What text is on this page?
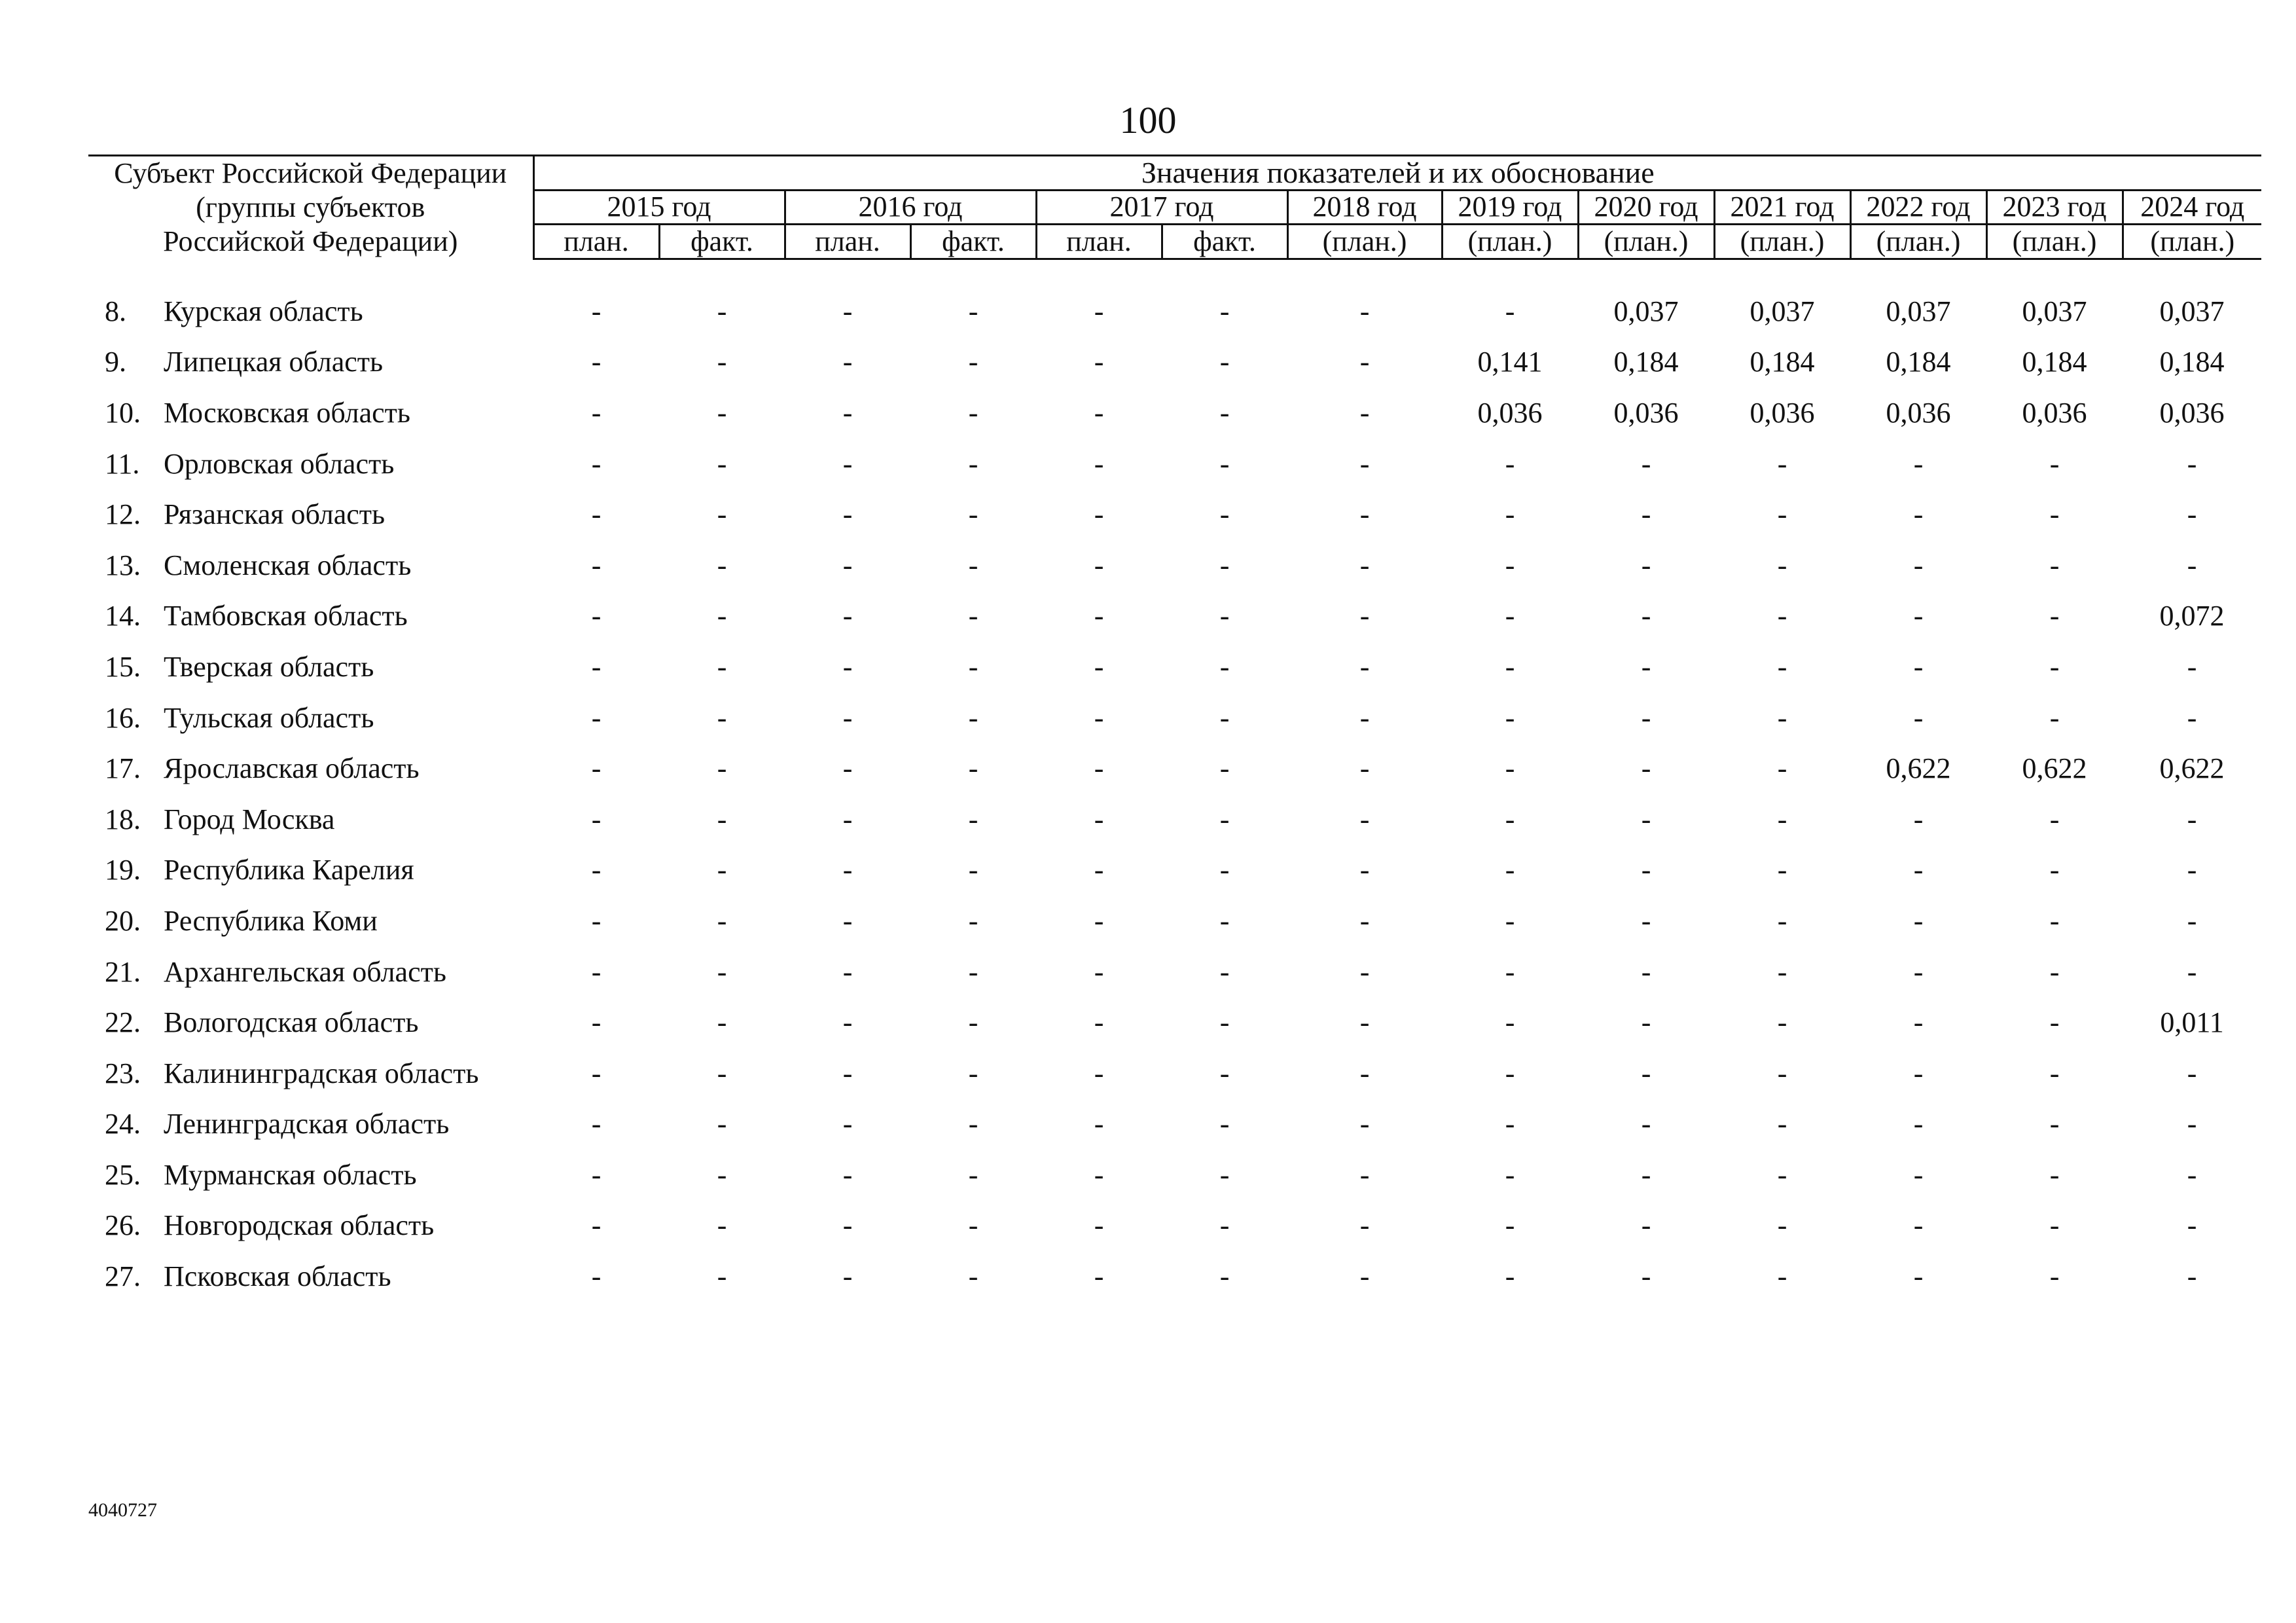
100
Субъект Российской Федерации
(группы субъектов
Российской Федерации)		Значения показателей и их обоснование												
		2015 год		2016 год		2017 год		2018 год	2019 год	2020 год	2021 год	2022 год	2023 год	2024 год
		план.	факт.	план.	факт.	план.	факт.	(план.)	(план.)	(план.)	(план.)	(план.)	(план.)	(план.)

8.	Курская область	-	-	-	-	-	-	-	-	0,037	0,037	0,037	0,037	0,037
9.	Липецкая область	-	-	-	-	-	-	-	0,141	0,184	0,184	0,184	0,184	0,184
10.	Московская область	-	-	-	-	-	-	-	0,036	0,036	0,036	0,036	0,036	0,036
11.	Орловская область	-	-	-	-	-	-	-	-	-	-	-	-	-
12.	Рязанская область	-	-	-	-	-	-	-	-	-	-	-	-	-
13.	Смоленская область	-	-	-	-	-	-	-	-	-	-	-	-	-
14.	Тамбовская область	-	-	-	-	-	-	-	-	-	-	-	-	0,072
15.	Тверская область	-	-	-	-	-	-	-	-	-	-	-	-	-
16.	Тульская область	-	-	-	-	-	-	-	-	-	-	-	-	-
17.	Ярославская область	-	-	-	-	-	-	-	-	-	-	0,622	0,622	0,622
18.	Город Москва	-	-	-	-	-	-	-	-	-	-	-	-	-
19.	Республика Карелия	-	-	-	-	-	-	-	-	-	-	-	-	-
20.	Республика Коми	-	-	-	-	-	-	-	-	-	-	-	-	-
21.	Архангельская область	-	-	-	-	-	-	-	-	-	-	-	-	-
22.	Вологодская область	-	-	-	-	-	-	-	-	-	-	-	-	0,011
23.	Калининградская область	-	-	-	-	-	-	-	-	-	-	-	-	-
24.	Ленинградская область	-	-	-	-	-	-	-	-	-	-	-	-	-
25.	Мурманская область	-	-	-	-	-	-	-	-	-	-	-	-	-
26.	Новгородская область	-	-	-	-	-	-	-	-	-	-	-	-	-
27.	Псковская область	-	-	-	-	-	-	-	-	-	-	-	-	-
4040727
